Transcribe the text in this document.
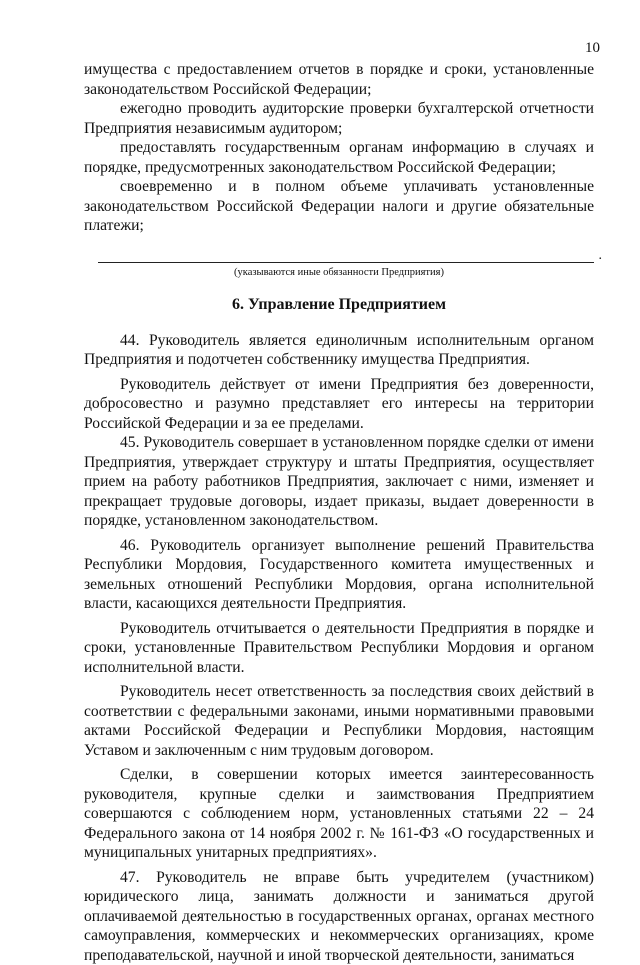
10

имущества с предоставлением отчетов в порядке и сроки, установленные законодательством Российской Федерации;

ежегодно проводить аудиторские проверки бухгалтерской отчетности Предприятия независимым аудитором;

предоставлять государственным органам информацию в случаях и порядке, предусмотренных законодательством Российской Федерации;

своевременно и в полном объеме уплачивать установленные законодательством Российской Федерации налоги и другие обязательные платежи;

.
(указываются иные обязанности Предприятия)
6. Управление Предприятием

44. Руководитель является единоличным исполнительным органом Предприятия и подотчетен собственнику имущества Предприятия.

Руководитель действует от имени Предприятия без доверенности, добросовестно и разумно представляет его интересы на территории Российской Федерации и за ее пределами.

45. Руководитель совершает в установленном порядке сделки от имени Предприятия, утверждает структуру и штаты Предприятия, осуществляет прием на работу работников Предприятия, заключает с ними, изменяет и прекращает трудовые договоры, издает приказы, выдает доверенности в порядке, установленном законодательством.

46. Руководитель организует выполнение решений Правительства Республики Мордовия, Государственного комитета имущественных и земельных отношений Республики Мордовия, органа исполнительной власти, касающихся деятельности Предприятия.

Руководитель отчитывается о деятельности Предприятия в порядке и сроки, установленные Правительством Республики Мордовия и органом исполнительной власти.

Руководитель несет ответственность за последствия своих действий в соответствии с федеральными законами, иными нормативными правовыми актами Российской Федерации и Республики Мордовия, настоящим Уставом и заключенным с ним трудовым договором.

Сделки, в совершении которых имеется заинтересованность руководителя, крупные сделки и заимствования Предприятием совершаются с соблюдением норм, установленных статьями 22 – 24 Федерального закона от 14 ноября 2002 г. № 161-ФЗ «О государственных и муниципальных унитарных предприятиях».

47. Руководитель не вправе быть учредителем (участником) юридического лица, занимать должности и заниматься другой оплачиваемой деятельностью в государственных органах, органах местного самоуправления, коммерческих и некоммерческих организациях, кроме преподавательской, научной и иной творческой деятельности, заниматься
